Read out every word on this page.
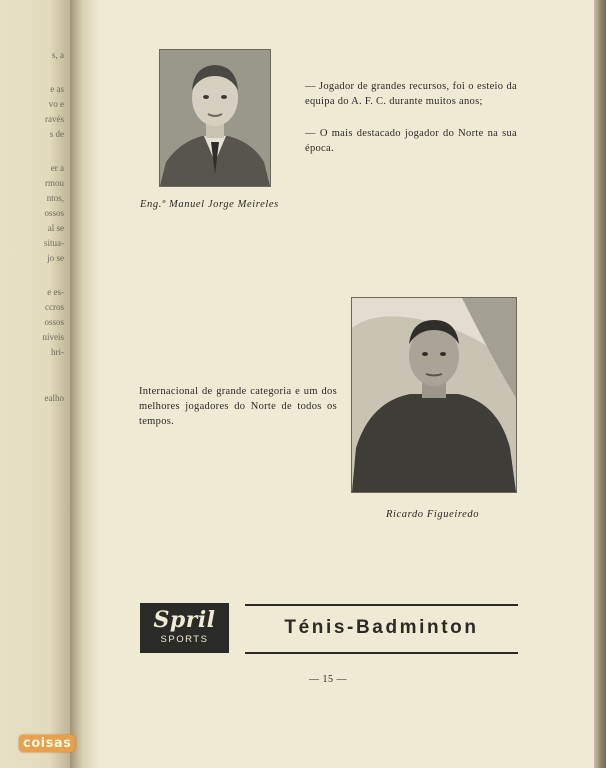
s, a
e as
vo e
ravés
s de
er a
rmou
ntos,
ossos
al se
situa-
jo se
e es-
ccros
ossos
níveis
hri-
ealho
Eng.º Manuel Jorge Meireles

— Jogador de grandes recursos, foi o esteio da equipa do A. F. C. durante muitos anos;

— O mais destacado jogador do Norte na sua época.

Ricardo Figueiredo

Internacional de grande categoria e um dos melhores jogadores do Norte de todos os tempos.

Spril
SPORTS
Ténis-Badminton
— 15 —
coisas
